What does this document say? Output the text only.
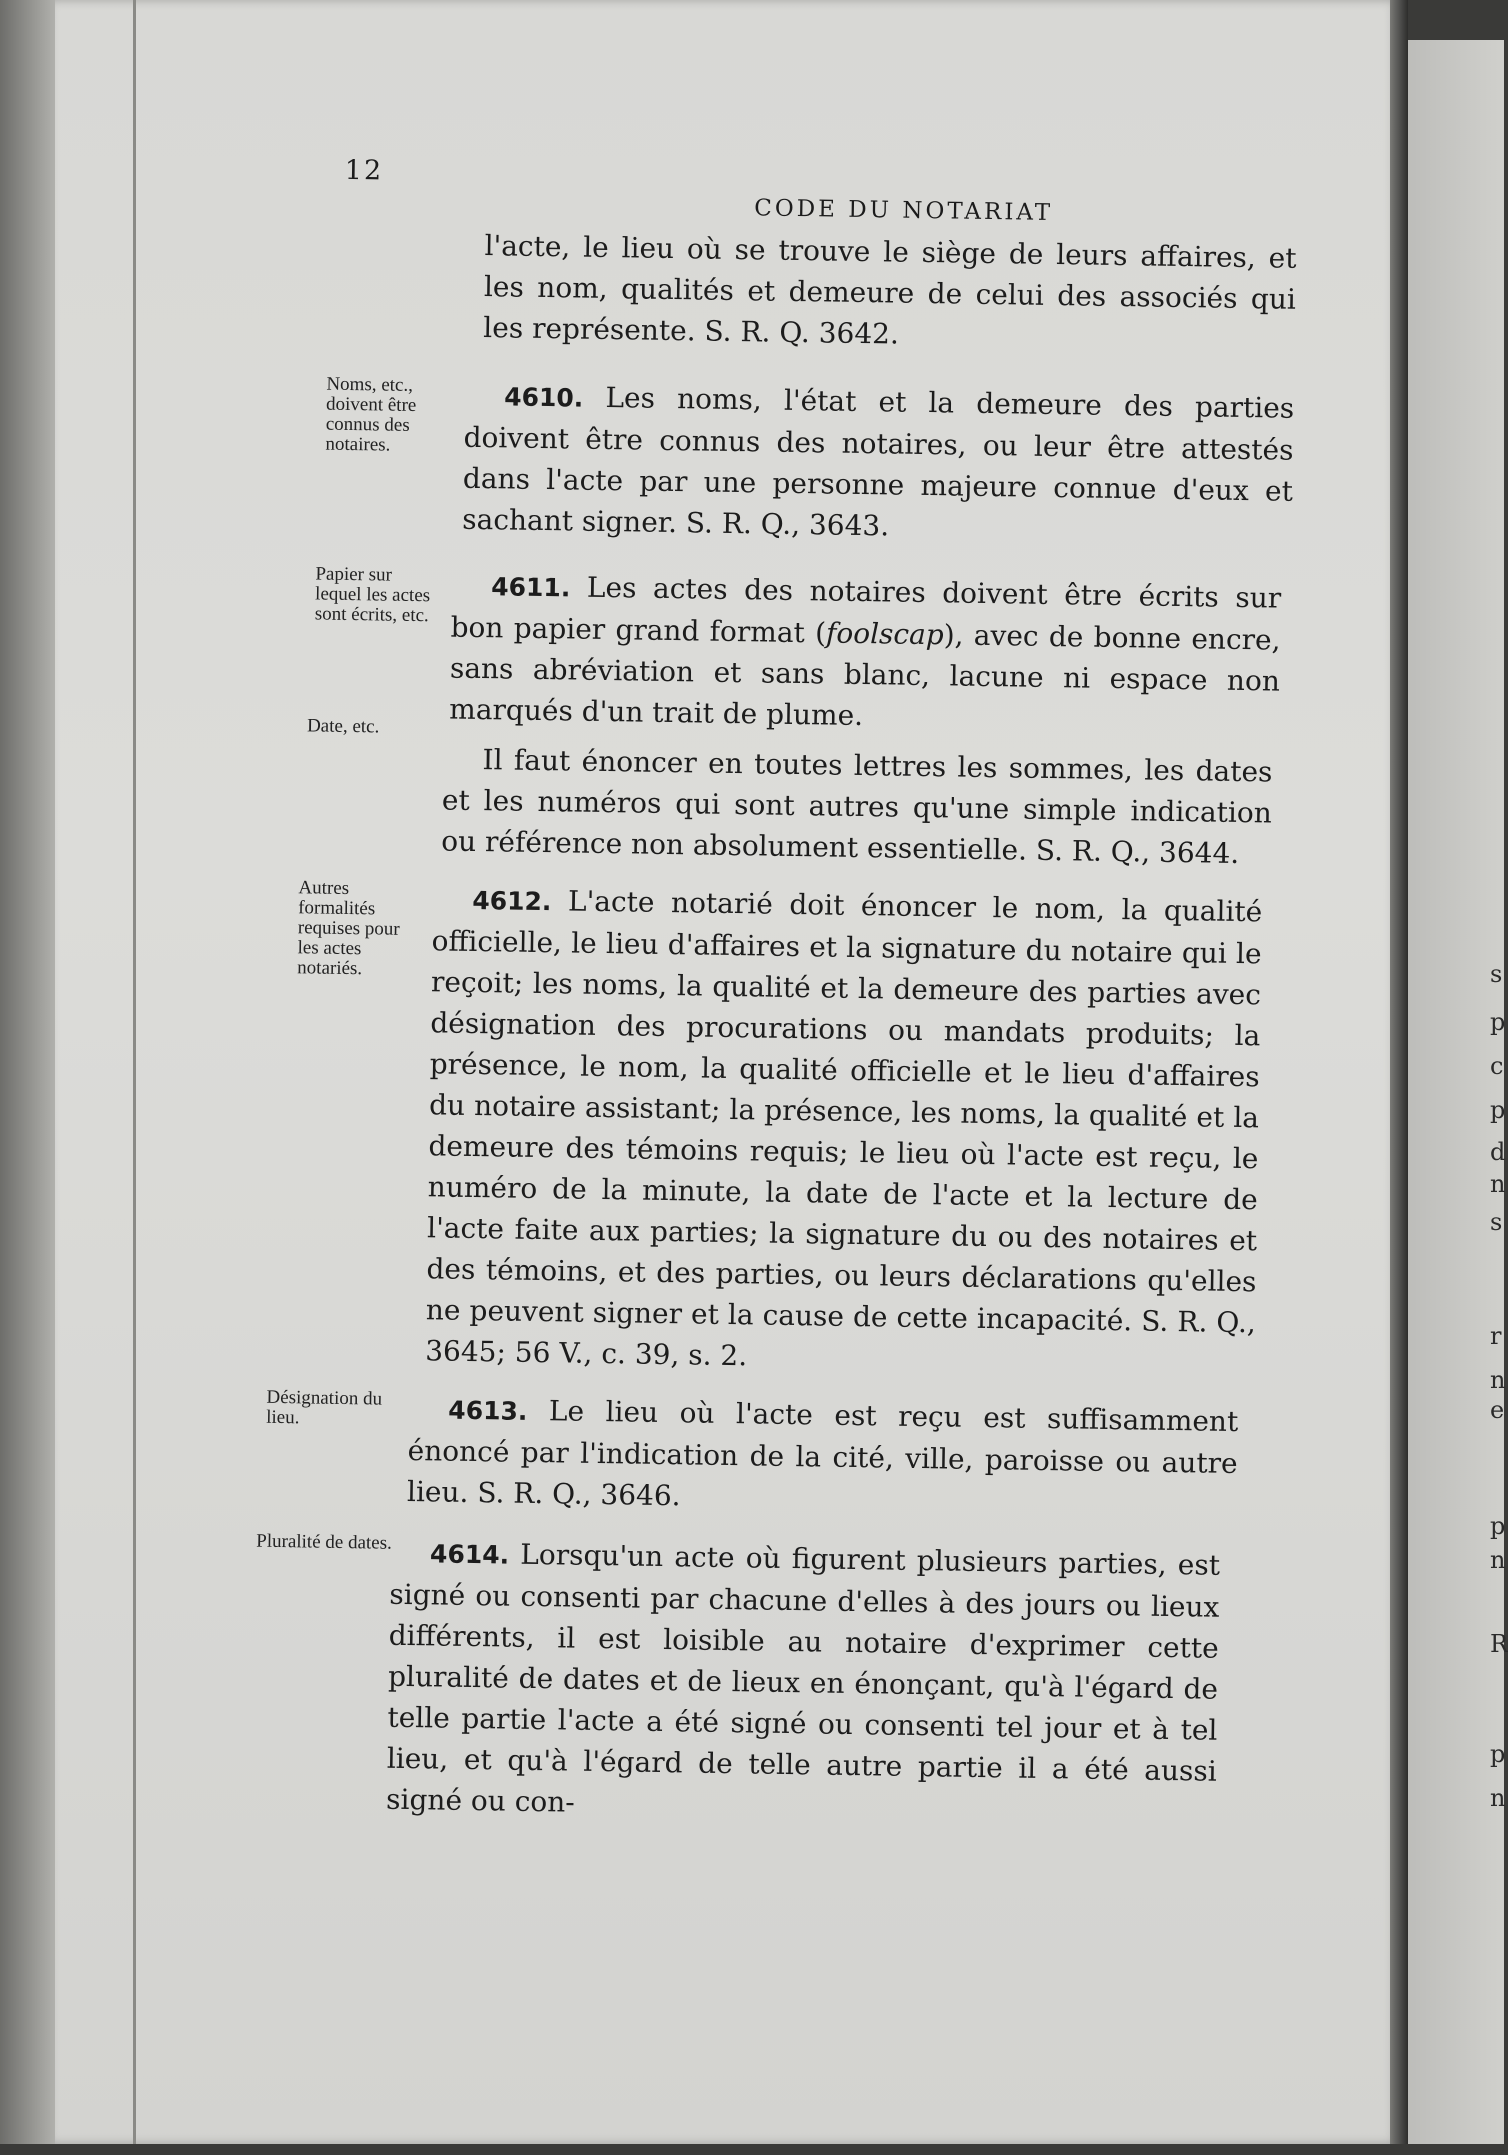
s
p
c
p
d
n
s
r
n
e
p
n
R
p
n
12
CODE DU NOTARIAT
l'acte, le lieu où se trouve le siège de leurs affaires, et les nom, qualités et demeure de celui des associés qui les représente. S. R. Q. 3642.
Noms, etc., doivent être connus des notaires.
4610. Les noms, l'état et la demeure des parties doivent être connus des notaires, ou leur être attestés dans l'acte par une personne majeure connue d'eux et sachant signer. S. R. Q., 3643.
Papier sur lequel les actes sont écrits, etc.
4611. Les actes des notaires doivent être écrits sur bon papier grand format (foolscap), avec de bonne encre, sans abréviation et sans blanc, lacune ni espace non marqués d'un trait de plume.
Date, etc.
Il faut énoncer en toutes lettres les sommes, les dates et les numéros qui sont autres qu'une simple indication ou référence non absolument essentielle. S. R. Q., 3644.
Autres formalités requises pour les actes notariés.
4612. L'acte notarié doit énoncer le nom, la qualité officielle, le lieu d'affaires et la signature du notaire qui le reçoit; les noms, la qualité et la demeure des parties avec désignation des procurations ou mandats produits; la présence, le nom, la qualité officielle et le lieu d'affaires du notaire assistant; la présence, les noms, la qualité et la demeure des témoins requis; le lieu où l'acte est reçu, le numéro de la minute, la date de l'acte et la lecture de l'acte faite aux parties; la signature du ou des notaires et des témoins, et des parties, ou leurs déclarations qu'elles ne peuvent signer et la cause de cette incapacité. S. R. Q., 3645; 56 V., c. 39, s. 2.
Désignation du lieu.	4613. Le lieu où l'acte est reçu est suffisamment énoncé par l'indication de la cité, ville, paroisse ou autre lieu. S. R. Q., 3646.
Pluralité de dates.	4614. Lorsqu'un acte où figurent plusieurs parties, est signé ou consenti par chacune d'elles à des jours ou lieux différents, il est loisible au notaire d'exprimer cette pluralité de dates et de lieux en énonçant, qu'à l'égard de telle partie l'acte a été signé ou consenti tel jour et à tel lieu, et qu'à l'égard de telle autre partie il a été aussi signé ou con-
